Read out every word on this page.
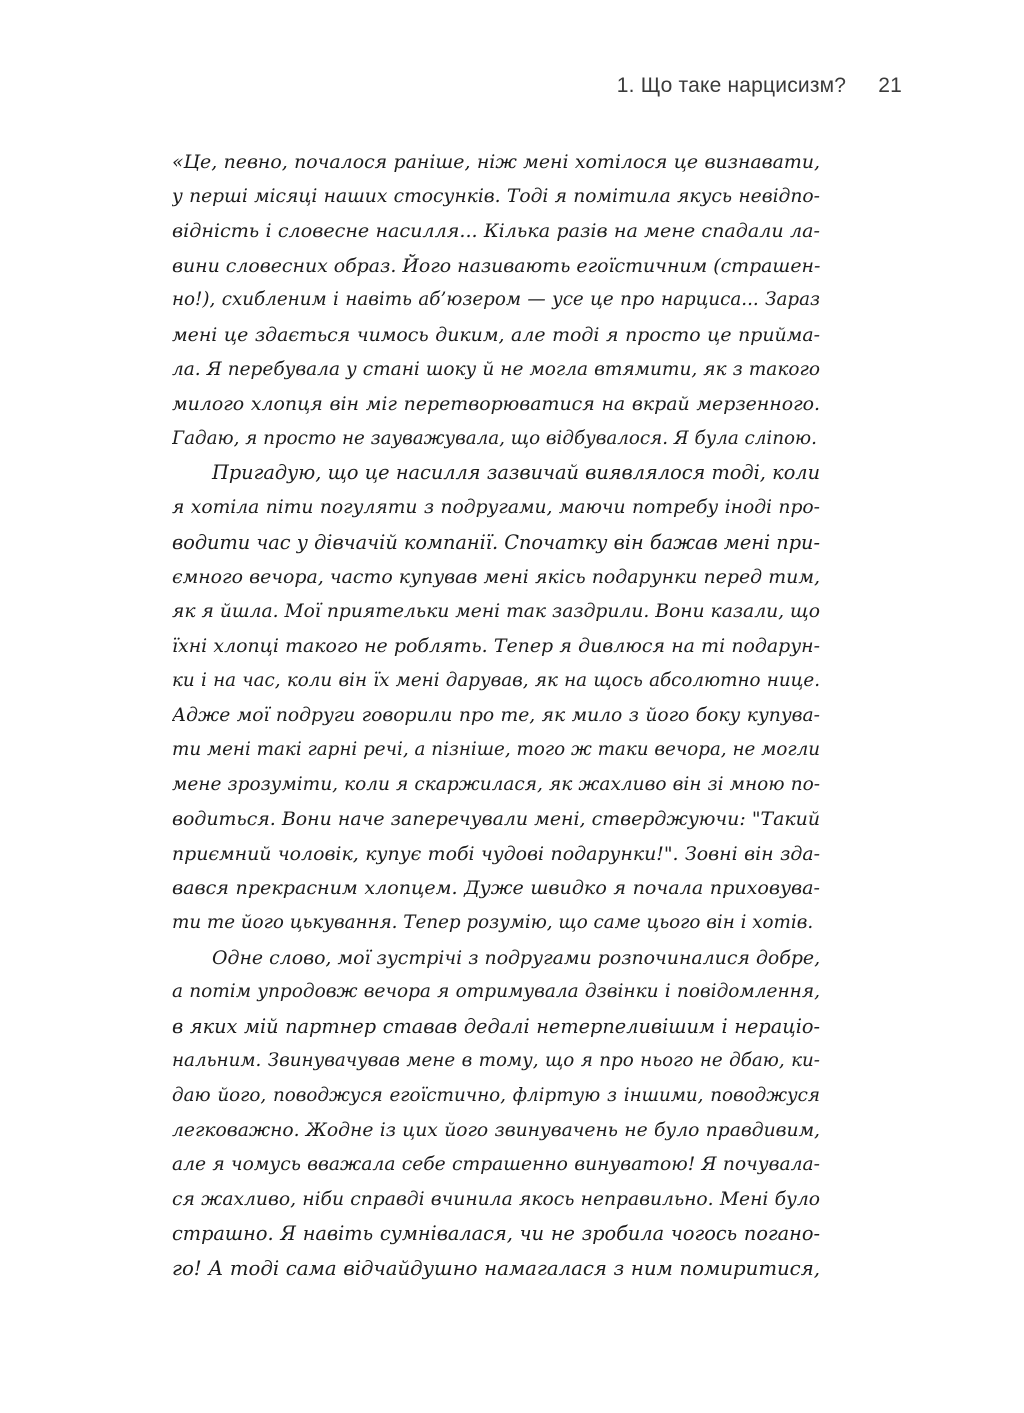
1. Що таке нарцисизм? 21
«Це, певно, почалося раніше, ніж мені хотілося це визнавати,
у перші місяці наших стосунків. Тоді я помітила якусь невідпо-
відність і словесне насилля... Кілька разів на мене спадали ла-
вини словесних образ. Його називають егоїстичним (страшен-
но!), схибленим і навіть аб’юзером — усе це про нарциса... Зараз
мені це здається чимось диким, але тоді я просто це прийма-
ла. Я перебувала у стані шоку й не могла втямити, як з такого
милого хлопця він міг перетворюватися на вкрай мерзенного.
Гадаю, я просто не зауважувала, що відбувалося. Я була сліпою.
Пригадую, що це насилля зазвичай виявлялося тоді, коли
я хотіла піти погуляти з подругами, маючи потребу іноді про-
водити час у дівчачій компанії. Спочатку він бажав мені при-
ємного вечора, часто купував мені якісь подарунки перед тим,
як я йшла. Мої приятельки мені так заздрили. Вони казали, що
їхні хлопці такого не роблять. Тепер я дивлюся на ті подарун-
ки і на час, коли він їх мені дарував, як на щось абсолютно нице.
Адже мої подруги говорили про те, як мило з його боку купува-
ти мені такі гарні речі, а пізніше, того ж таки вечора, не могли
мене зрозуміти, коли я скаржилася, як жахливо він зі мною по-
водиться. Вони наче заперечували мені, стверджуючи: "Такий
приємний чоловік, купує тобі чудові подарунки!". Зовні він зда-
вався прекрасним хлопцем. Дуже швидко я почала приховува-
ти те його цькування. Тепер розумію, що саме цього він і хотів.
Одне слово, мої зустрічі з подругами розпочиналися добре,
а потім упродовж вечора я отримувала дзвінки і повідомлення,
в яких мій партнер ставав дедалі нетерпеливішим і нераціо-
нальним. Звинувачував мене в тому, що я про нього не дбаю, ки-
даю його, поводжуся егоїстично, фліртую з іншими, поводжуся
легковажно. Жодне із цих його звинувачень не було правдивим,
але я чомусь вважала себе страшенно винуватою! Я почувала-
ся жахливо, ніби справді вчинила якось неправильно. Мені було
страшно. Я навіть сумнівалася, чи не зробила чогось погано-
го! А тоді сама відчайдушно намагалася з ним помиритися,
